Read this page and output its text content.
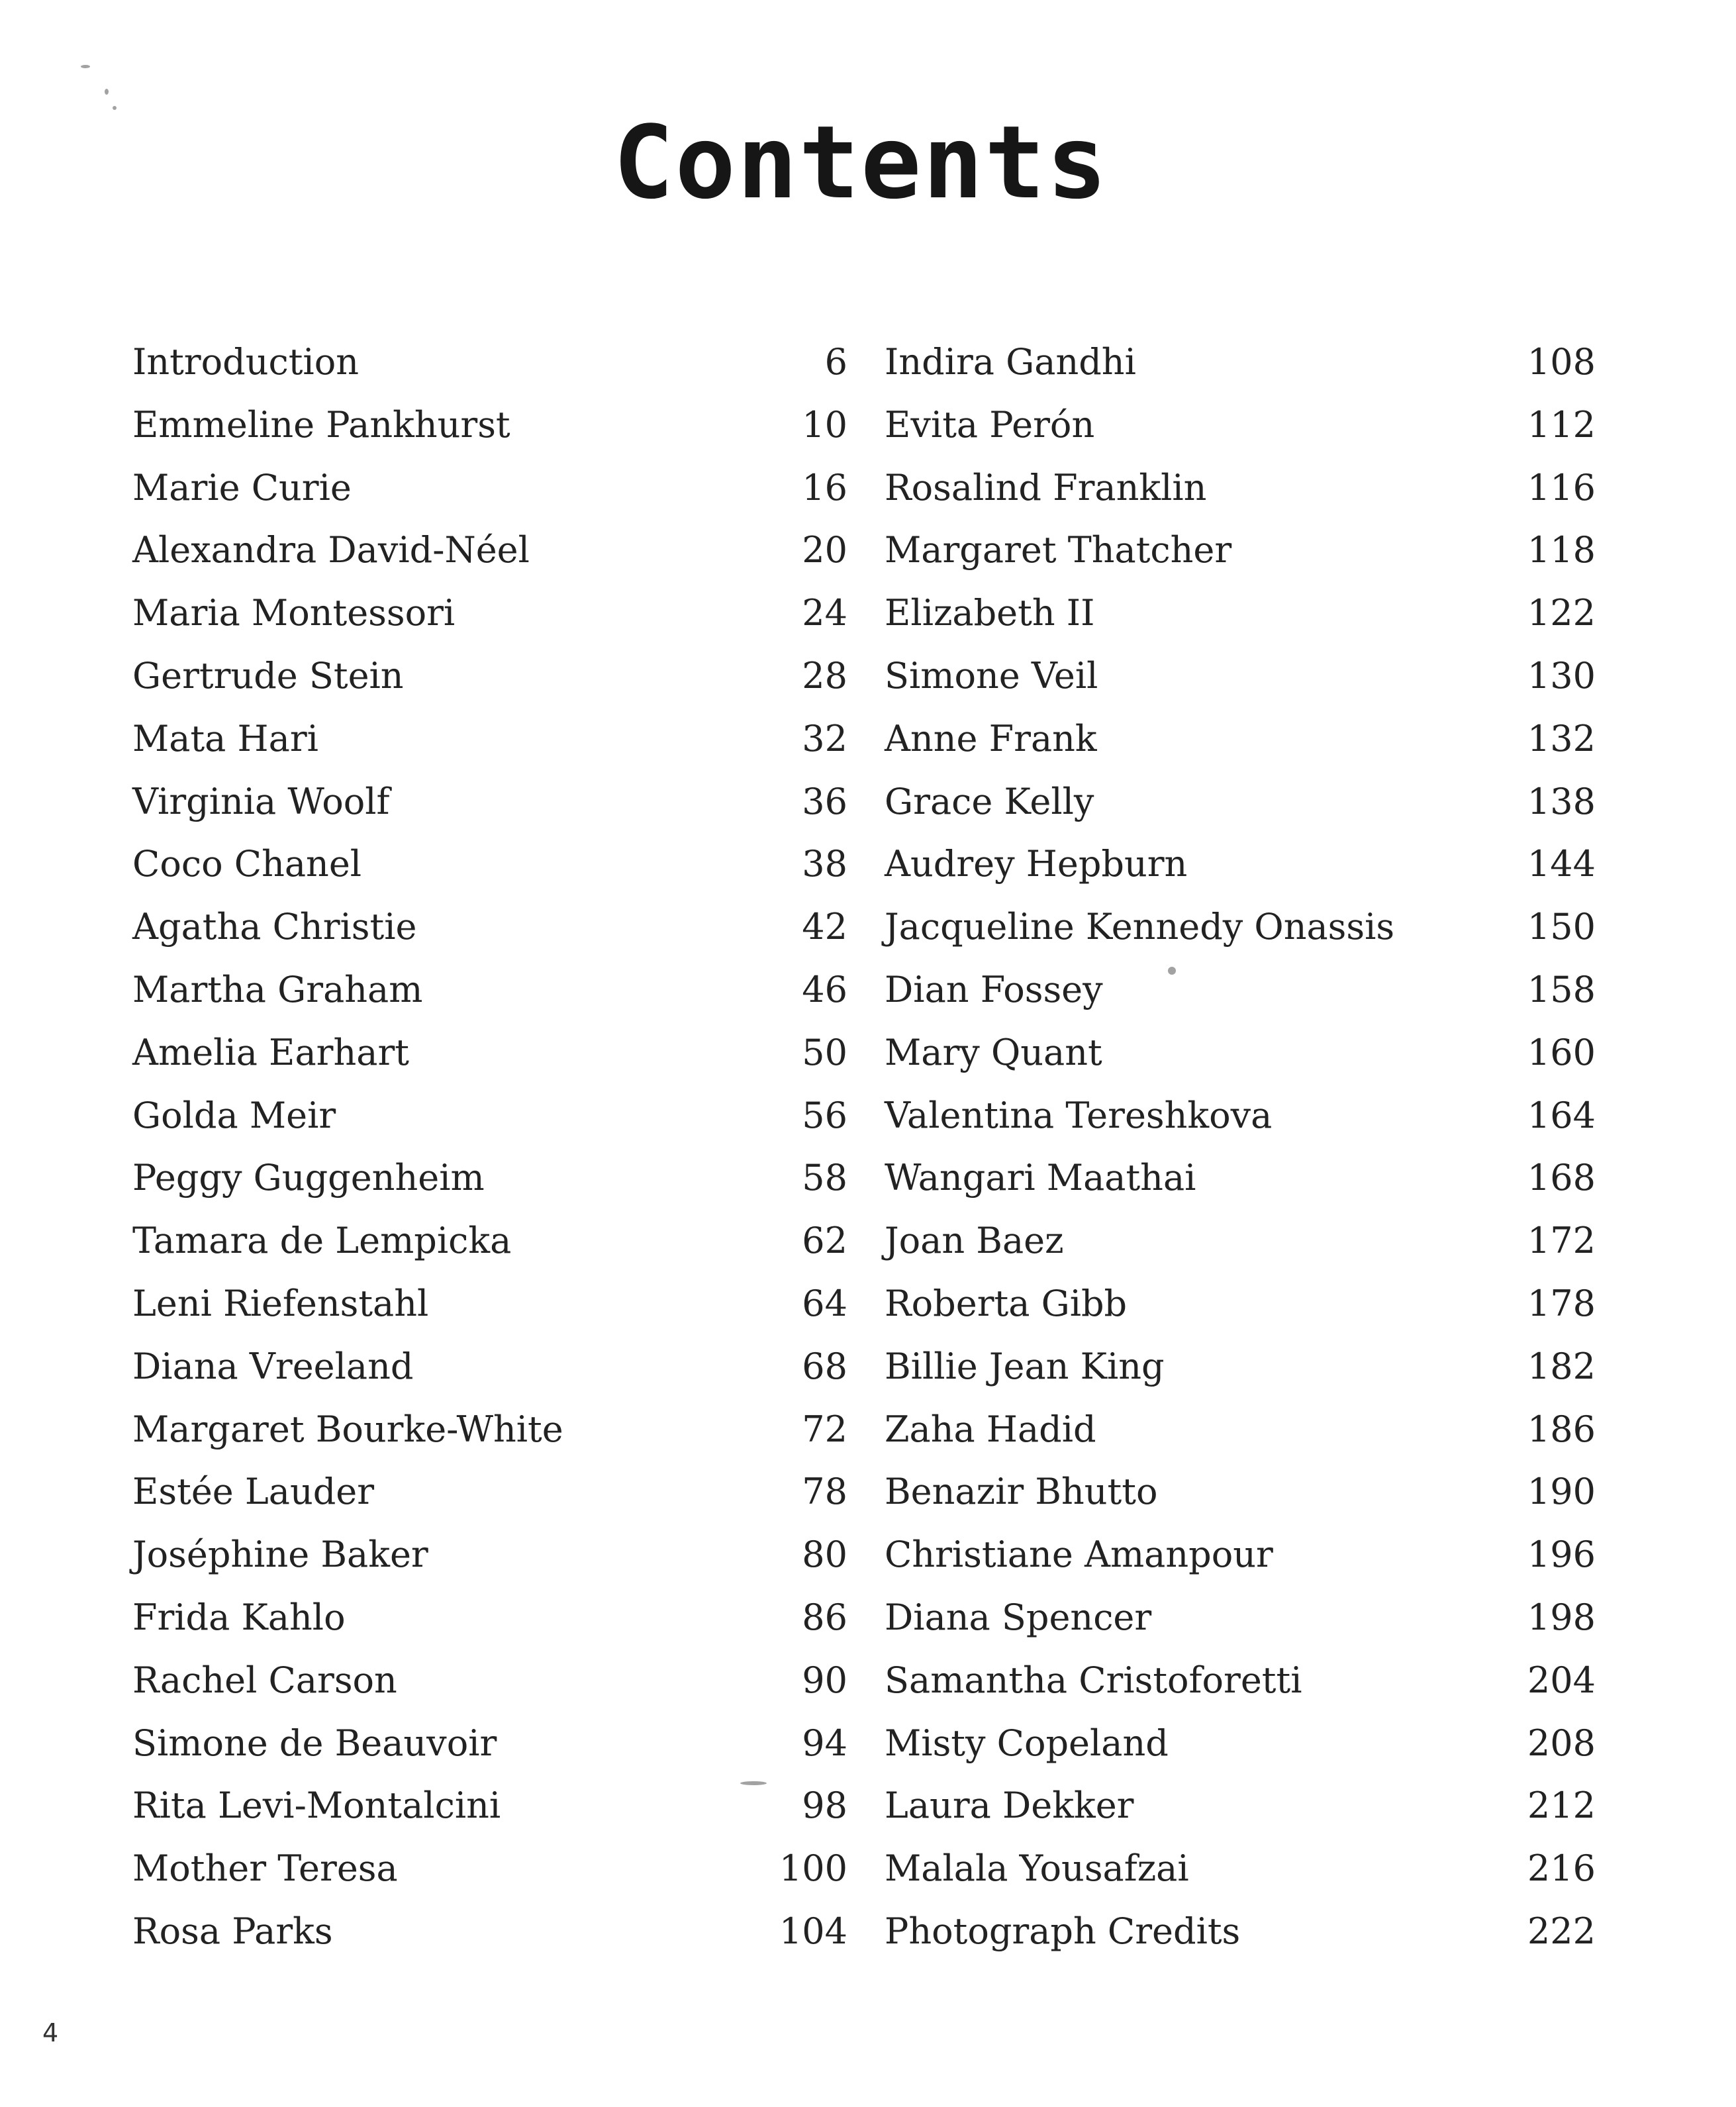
Contents
Introduction	6
Emmeline Pankhurst	10
Marie Curie	16
Alexandra David-Néel	20
Maria Montessori	24
Gertrude Stein	28
Mata Hari	32
Virginia Woolf	36
Coco Chanel	38
Agatha Christie	42
Martha Graham	46
Amelia Earhart	50
Golda Meir	56
Peggy Guggenheim	58
Tamara de Lempicka	62
Leni Riefenstahl	64
Diana Vreeland	68
Margaret Bourke-White	72
Estée Lauder	78
Joséphine Baker	80
Frida Kahlo	86
Rachel Carson	90
Simone de Beauvoir	94
Rita Levi-Montalcini	98
Mother Teresa	100
Rosa Parks	104
Indira Gandhi	108
Evita Perón	112
Rosalind Franklin	116
Margaret Thatcher	118
Elizabeth II	122
Simone Veil	130
Anne Frank	132
Grace Kelly	138
Audrey Hepburn	144
Jacqueline Kennedy Onassis	150
Dian Fossey	158
Mary Quant	160
Valentina Tereshkova	164
Wangari Maathai	168
Joan Baez	172
Roberta Gibb	178
Billie Jean King	182
Zaha Hadid	186
Benazir Bhutto	190
Christiane Amanpour	196
Diana Spencer	198
Samantha Cristoforetti	204
Misty Copeland	208
Laura Dekker	212
Malala Yousafzai	216
Photograph Credits	222

4
